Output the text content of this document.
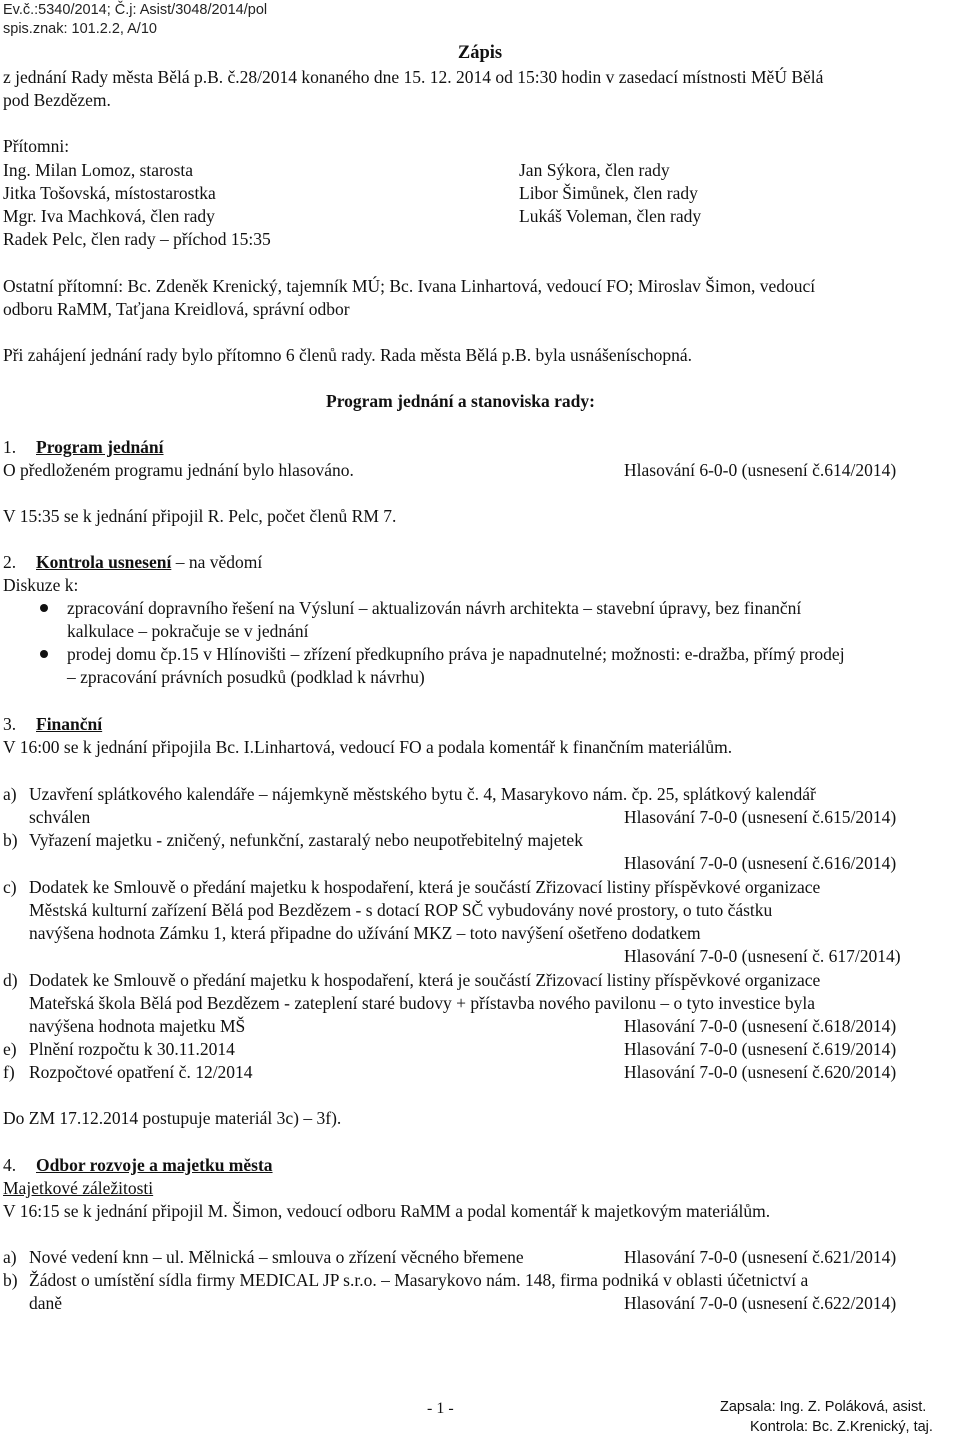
Ev.č.:5340/2014; Č.j: Asist/3048/2014/pol
spis.znak: 101.2.2, A/10
Zápis
z jednání Rady města Bělá p.B. č.28/2014 konaného dne 15. 12. 2014 od 15:30 hodin v zasedací místnosti MěÚ Bělá
pod Bezdězem.
Přítomni:
Ing. Milan Lomoz, starosta
Jitka Tošovská, místostarostka
Mgr. Iva Machková, člen rady
Radek Pelc, člen rady – příchod 15:35
Jan Sýkora, člen rady
Libor Šimůnek, člen rady
Lukáš Voleman, člen rady
Ostatní přítomní: Bc. Zdeněk Krenický, tajemník MÚ; Bc. Ivana Linhartová, vedoucí FO; Miroslav Šimon, vedoucí
odboru RaMM, Taťjana Kreidlová, správní odbor
Při zahájení jednání rady bylo přítomno 6 členů rady. Rada města Bělá p.B. byla usnášeníschopná.
Program jednání a stanoviska rady:
1. Program jednání
O předloženém programu jednání bylo hlasováno.	Hlasování 6-0-0 (usnesení č.614/2014)
V 15:35 se k jednání připojil R. Pelc, počet členů RM 7.
2. Kontrola usnesení – na vědomí
Diskuze k:
zpracování dopravního řešení na Výsluní – aktualizován návrh architekta – stavební úpravy, bez finanční
kalkulace – pokračuje se v jednání
prodej domu čp.15 v Hlínovišti – zřízení předkupního práva je napadnutelné; možnosti: e-dražba, přímý prodej
– zpracování právních posudků (podklad k návrhu)
3. Finanční
V 16:00 se k jednání připojila Bc. I.Linhartová, vedoucí FO a podala komentář k finančním materiálům.
a) Uzavření splátkového kalendáře – nájemkyně městského bytu č. 4, Masarykovo nám. čp. 25, splátkový kalendář
schválen	Hlasování 7-0-0 (usnesení č.615/2014)
b) Vyřazení majetku - zničený, nefunkční, zastaralý nebo neupotřebitelný majetek
Hlasování 7-0-0 (usnesení č.616/2014)
c) Dodatek ke Smlouvě o předání majetku k hospodaření, která je součástí Zřizovací listiny příspěvkové organizace
Městská kulturní zařízení Bělá pod Bezdězem - s dotací ROP SČ vybudovány nové prostory, o tuto částku
navýšena hodnota Zámku 1, která připadne do užívání MKZ – toto navýšení ošetřeno dodatkem
Hlasování 7-0-0 (usnesení č. 617/2014)
d) Dodatek ke Smlouvě o předání majetku k hospodaření, která je součástí Zřizovací listiny příspěvkové organizace
Mateřská škola Bělá pod Bezdězem - zateplení staré budovy + přístavba nového pavilonu – o tyto investice byla
navýšena hodnota majetku MŠ	Hlasování 7-0-0 (usnesení č.618/2014)
e) Plnění rozpočtu k 30.11.2014	Hlasování 7-0-0 (usnesení č.619/2014)
f) Rozpočtové opatření č. 12/2014	Hlasování 7-0-0 (usnesení č.620/2014)
Do ZM 17.12.2014 postupuje materiál 3c) – 3f).
4. Odbor rozvoje a majetku města
Majetkové záležitosti
V 16:15 se k jednání připojil M. Šimon, vedoucí odboru RaMM a podal komentář k majetkovým materiálům.
a) Nové vedení knn – ul. Mělnická – smlouva o zřízení věcného břemene	Hlasování 7-0-0 (usnesení č.621/2014)
b) Žádost o umístění sídla firmy MEDICAL JP s.r.o. – Masarykovo nám. 148, firma podniká v oblasti účetnictví a
daně	Hlasování 7-0-0 (usnesení č.622/2014)
- 1 -	Zapsala: Ing. Z. Poláková, asist.
Kontrola: Bc. Z.Krenický, taj.
